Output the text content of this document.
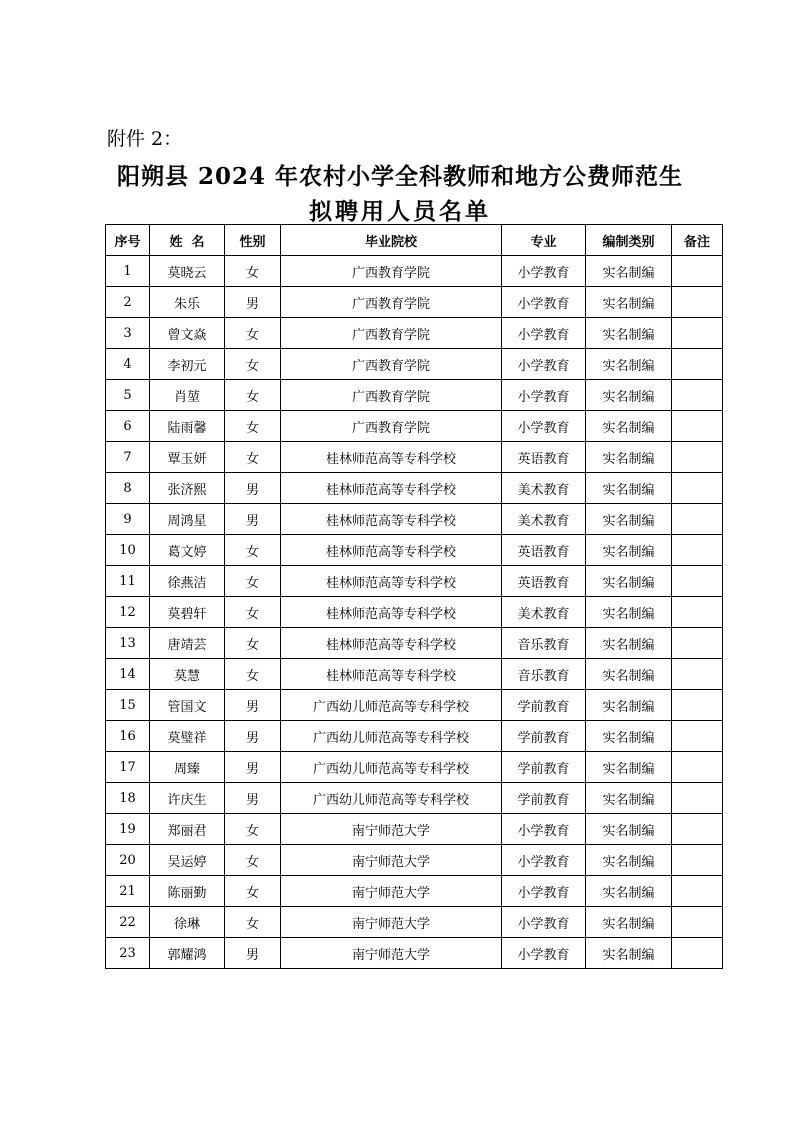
附件 2：
阳朔县 2024 年农村小学全科教师和地方公费师范生
拟聘用人员名单
序号	姓  名	性别	毕业院校	专业	编制类别	备注
1	莫晓云	女	广西教育学院	小学教育	实名制编	
2	朱乐	男	广西教育学院	小学教育	实名制编	
3	曾文焱	女	广西教育学院	小学教育	实名制编	
4	李初元	女	广西教育学院	小学教育	实名制编	
5	肖堃	女	广西教育学院	小学教育	实名制编	
6	陆雨馨	女	广西教育学院	小学教育	实名制编	
7	覃玉妍	女	桂林师范高等专科学校	英语教育	实名制编	
8	张济熙	男	桂林师范高等专科学校	美术教育	实名制编	
9	周鸿星	男	桂林师范高等专科学校	美术教育	实名制编	
10	葛文婷	女	桂林师范高等专科学校	英语教育	实名制编	
11	徐燕洁	女	桂林师范高等专科学校	英语教育	实名制编	
12	莫碧轩	女	桂林师范高等专科学校	美术教育	实名制编	
13	唐靖芸	女	桂林师范高等专科学校	音乐教育	实名制编	
14	莫慧	女	桂林师范高等专科学校	音乐教育	实名制编	
15	管国文	男	广西幼儿师范高等专科学校	学前教育	实名制编	
16	莫璧祥	男	广西幼儿师范高等专科学校	学前教育	实名制编	
17	周臻	男	广西幼儿师范高等专科学校	学前教育	实名制编	
18	许庆生	男	广西幼儿师范高等专科学校	学前教育	实名制编	
19	郑丽君	女	南宁师范大学	小学教育	实名制编	
20	吴运婷	女	南宁师范大学	小学教育	实名制编	
21	陈丽勤	女	南宁师范大学	小学教育	实名制编	
22	徐琳	女	南宁师范大学	小学教育	实名制编	
23	郭耀鸿	男	南宁师范大学	小学教育	实名制编	
